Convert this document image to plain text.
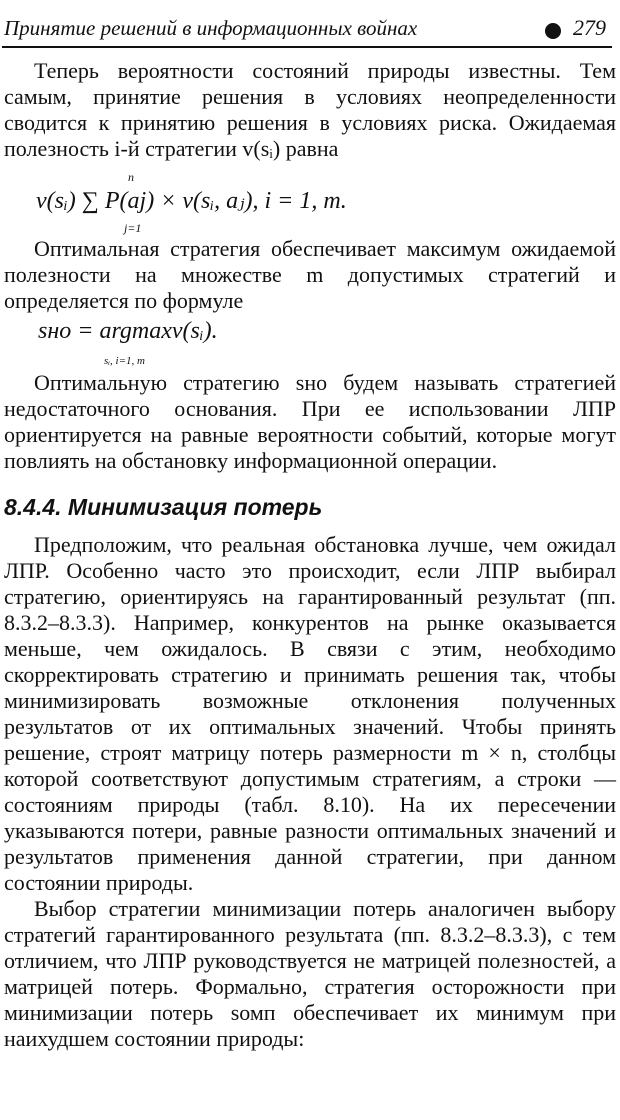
Принятие решений в информационных войнах	279

Теперь вероятности состояний природы известны. Тем самым, принятие решения в условиях неопределенности сводится к принятию решения в условиях риска. Ожидаемая полезность i-й стратегии v(sᵢ) равна

n
v(sᵢ) ∑ P(aj) × v(sᵢ, aⱼ), i = 1, m.
j=1

Оптимальная стратегия обеспечивает максимум ожидаемой полезности на множестве m допустимых стратегий и определяется по формуле

sнo = argmaxv(sᵢ).
sᵢ, i=1, m

Оптимальную стратегию sнo будем называть стратегией недостаточного основания. При ее использовании ЛПР ориентируется на равные вероятности событий, которые могут повлиять на обстановку информационной операции.

8.4.4. Минимизация потерь

Предположим, что реальная обстановка лучше, чем ожидал ЛПР. Особенно часто это происходит, если ЛПР выбирал стратегию, ориентируясь на гарантированный результат (пп. 8.3.2–8.3.3). Например, конкурентов на рынке оказывается меньше, чем ожидалось. В связи с этим, необходимо скорректировать стратегию и принимать решения так, чтобы минимизировать возможные отклонения полученных результатов от их оптимальных значений. Чтобы принять решение, строят матрицу потерь размерности m × n, столбцы которой соответствуют допустимым стратегиям, а строки — состояниям природы (табл. 8.10). На их пересечении указываются потери, равные разности оптимальных значений и результатов применения данной стратегии, при данном состоянии природы.

Выбор стратегии минимизации потерь аналогичен выбору стратегий гарантированного результата (пп. 8.3.2–8.3.3), с тем отличием, что ЛПР руководствуется не матрицей полезностей, а матрицей потерь. Формально, стратегия осторожности при минимизации потерь sомп обеспечивает их минимум при наихудшем состоянии природы:
